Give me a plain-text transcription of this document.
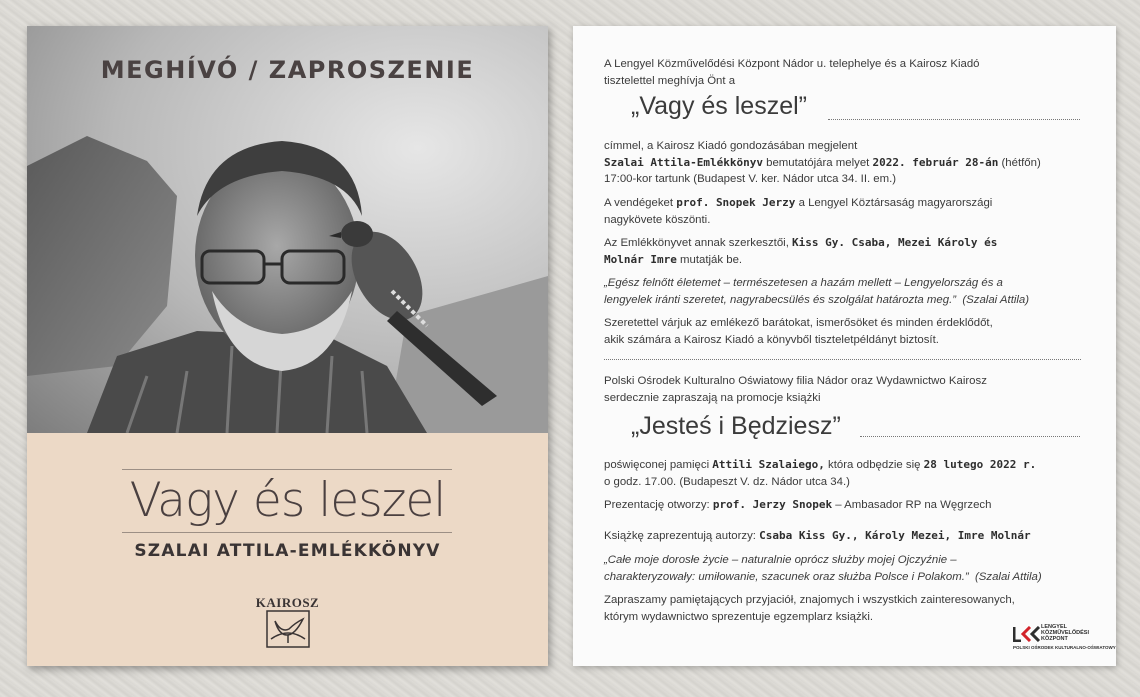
MEGHÍVÓ / ZAPROSZENIE
Vagy és leszel
SZALAI ATTILA-EMLÉKKÖNYV
KAIROSZ
A Lengyel Közművelődési Központ Nádor u. telephelye és a Kairosz Kiadó
tisztelettel meghívja Önt a
„Vagy és leszel”
címmel, a Kairosz Kiadó gondozásában megjelent
Szalai Attila-Emlékkönyv bemutatójára melyet 2022. február 28-án (hétfőn)
17:00-kor tartunk (Budapest V. ker. Nádor utca 34. II. em.)
A vendégeket prof. Snopek Jerzy a Lengyel Köztársaság magyarországi
nagykövete köszönti.
Az Emlékkönyvet annak szerkesztői, Kiss Gy. Csaba, Mezei Károly és
Molnár Imre mutatják be.
„Egész felnőtt életemet – természetesen a hazám mellett – Lengyelország és a
lengyelek iránti szeretet, nagyrabecsülés és szolgálat határozta meg.” (Szalai Attila)
Szeretettel várjuk az emlékező barátokat, ismerősöket és minden érdeklődőt,
akik számára a Kairosz Kiadó a könyvből tiszteletpéldányt biztosít.
Polski Ośrodek Kulturalno Oświatowy filia Nádor oraz Wydawnictwo Kairosz
serdecznie zapraszają na promocje książki
„Jesteś i Będziesz”
poświęconej pamięci Attili Szalaiego, która odbędzie się 28 lutego 2022 r.
o godz. 17.00. (Budapeszt V. dz. Nádor utca 34.)
Prezentację otworzy: prof. Jerzy Snopek – Ambasador RP na Węgrzech
Książkę zaprezentują autorzy: Csaba Kiss Gy., Károly Mezei, Imre Molnár
„Całe moje dorosłe życie – naturalnie oprócz służby mojej Ojczyźnie –
charakteryzowały: umiłowanie, szacunek oraz służba Polsce i Polakom.” (Szalai Attila)
Zapraszamy pamiętających przyjaciół, znajomych i wszystkich zainteresowanych,
którym wydawnictwo sprezentuje egzemplarz książki.
LENGYEL
KÖZMŰVELŐDÉSI
KÖZPONT
POLSKI OŚRODEK KULTURALNO-OŚWIATOWY
